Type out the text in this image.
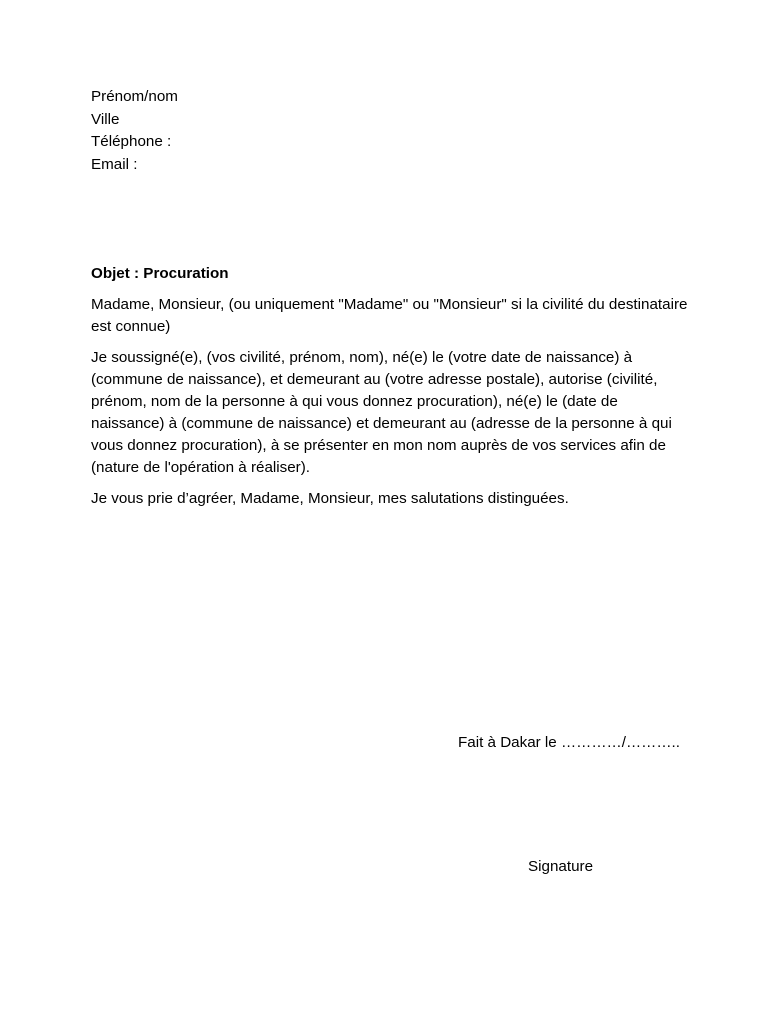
Prénom/nom
Ville
Téléphone :
Email :

Objet : Procuration

Madame, Monsieur, (ou uniquement "Madame" ou "Monsieur" si la civilité du destinataire est connue)

Je soussigné(e), (vos civilité, prénom, nom), né(e) le (votre date de naissance) à (commune de naissance), et demeurant au (votre adresse postale), autorise (civilité, prénom, nom de la personne à qui vous donnez procuration), né(e) le (date de naissance) à (commune de naissance) et demeurant au (adresse de la personne à qui vous donnez procuration), à se présenter en mon nom auprès de vos services afin de (nature de l'opération à réaliser).

Je vous prie d’agréer, Madame, Monsieur, mes salutations distinguées.

Fait à Dakar le …………/………..
Signature
